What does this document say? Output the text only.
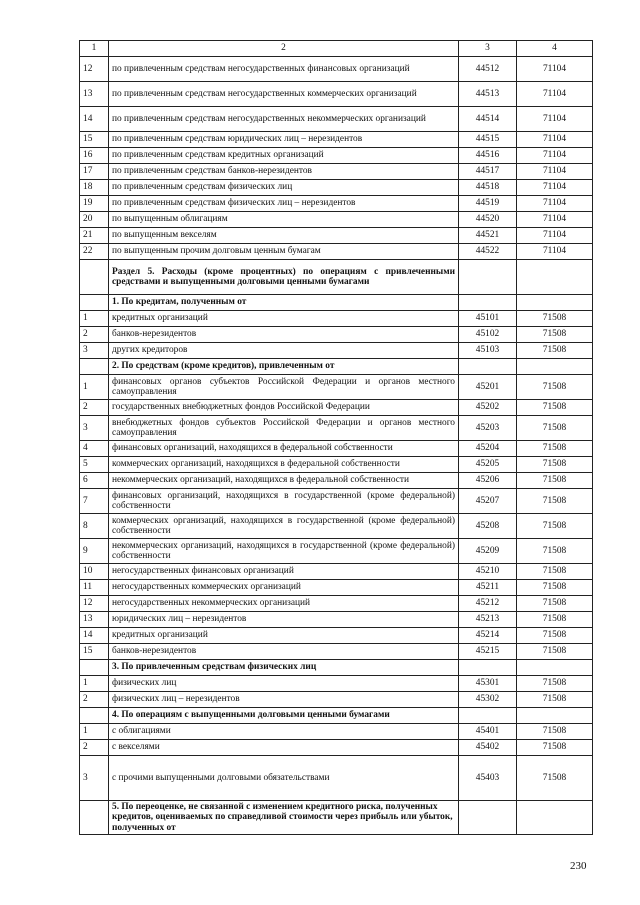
1	2	3	4
12	по привлеченным средствам негосударственных финансовых организаций	44512	71104
13	по привлеченным средствам негосударственных коммерческих организаций	44513	71104
14	по привлеченным средствам негосударственных некоммерческих организаций	44514	71104
15	по привлеченным средствам юридических лиц – нерезидентов	44515	71104
16	по привлеченным средствам кредитных организаций	44516	71104
17	по привлеченным средствам банков-нерезидентов	44517	71104
18	по привлеченным средствам физических лиц	44518	71104
19	по привлеченным средствам физических лиц – нерезидентов	44519	71104
20	по выпущенным облигациям	44520	71104
21	по выпущенным векселям	44521	71104
22	по выпущенным прочим долговым ценным бумагам	44522	71104
	Раздел 5. Расходы (кроме процентных) по операциям с привлеченными средствами и выпущенными долговыми ценными бумагами		
	1. По кредитам, полученным от		
1	кредитных организаций	45101	71508
2	банков-нерезидентов	45102	71508
3	других кредиторов	45103	71508
	2. По средствам (кроме кредитов), привлеченным от		
1	финансовых органов субъектов Российской Федерации и органов местного самоуправления	45201	71508
2	государственных внебюджетных фондов Российской Федерации	45202	71508
3	внебюджетных фондов субъектов Российской Федерации и органов местного самоуправления	45203	71508
4	финансовых организаций, находящихся в федеральной собственности	45204	71508
5	коммерческих организаций, находящихся в федеральной собственности	45205	71508
6	некоммерческих организаций, находящихся в федеральной собственности	45206	71508
7	финансовых организаций, находящихся в государственной (кроме федеральной) собственности	45207	71508
8	коммерческих организаций, находящихся в государственной (кроме федеральной) собственности	45208	71508
9	некоммерческих организаций, находящихся в государственной (кроме федеральной) собственности	45209	71508
10	негосударственных финансовых организаций	45210	71508
11	негосударственных коммерческих организаций	45211	71508
12	негосударственных некоммерческих организаций	45212	71508
13	юридических лиц – нерезидентов	45213	71508
14	кредитных организаций	45214	71508
15	банков-нерезидентов	45215	71508
	3. По привлеченным средствам физических лиц		
1	физических лиц	45301	71508
2	физических лиц – нерезидентов	45302	71508
	4. По операциям с выпущенными долговыми ценными бумагами		
1	с облигациями	45401	71508
2	с векселями	45402	71508
3	с прочими выпущенными долговыми обязательствами	45403	71508
	5. По переоценке, не связанной с изменением кредитного риска, полученных кредитов, оцениваемых по справедливой стоимости через прибыль или убыток, полученных от		
230
